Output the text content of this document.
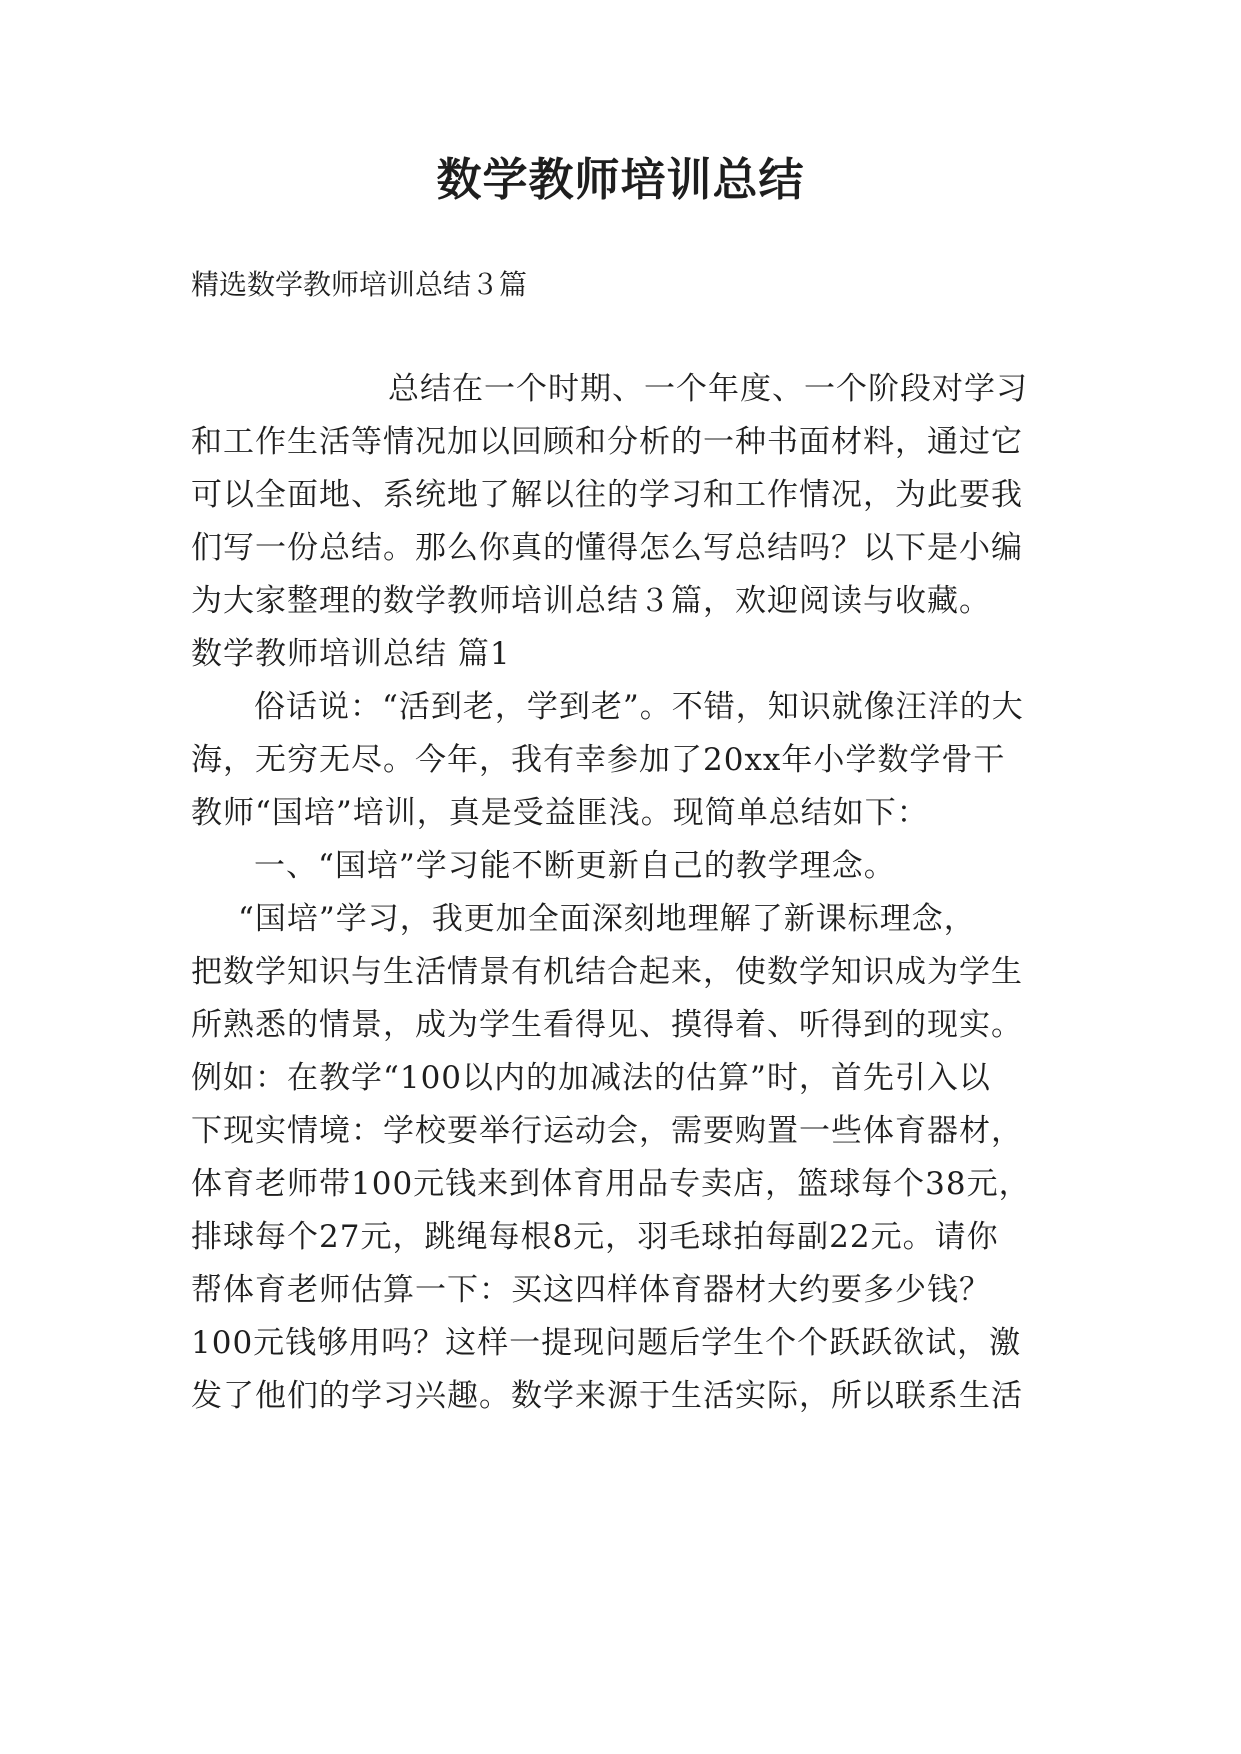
数学教师培训总结

精选数学教师培训总结３篇

总结在一个时期、一个年度、一个阶段对学习

和工作生活等情况加以回顾和分析的一种书面材料，通过它

可以全面地、系统地了解以往的学习和工作情况，为此要我

们写一份总结。那么你真的懂得怎么写总结吗？以下是小编

为大家整理的数学教师培训总结３篇，欢迎阅读与收藏。

数学教师培训总结 篇1

俗话说：“活到老，学到老”。不错，知识就像汪洋的大

海，无穷无尽。今年，我有幸参加了20xx年小学数学骨干

教师“国培”培训，真是受益匪浅。现简单总结如下：

一、“国培”学习能不断更新自己的教学理念。

“国培”学习，我更加全面深刻地理解了新课标理念，

把数学知识与生活情景有机结合起来，使数学知识成为学生

所熟悉的情景，成为学生看得见、摸得着、听得到的现实。

例如：在教学“100以内的加减法的估算”时，首先引入以

下现实情境：学校要举行运动会，需要购置一些体育器材，

体育老师带100元钱来到体育用品专卖店，篮球每个38元，

排球每个27元，跳绳每根8元，羽毛球拍每副22元。请你

帮体育老师估算一下：买这四样体育器材大约要多少钱？

100元钱够用吗？这样一提现问题后学生个个跃跃欲试，激

发了他们的学习兴趣。数学来源于生活实际，所以联系生活
